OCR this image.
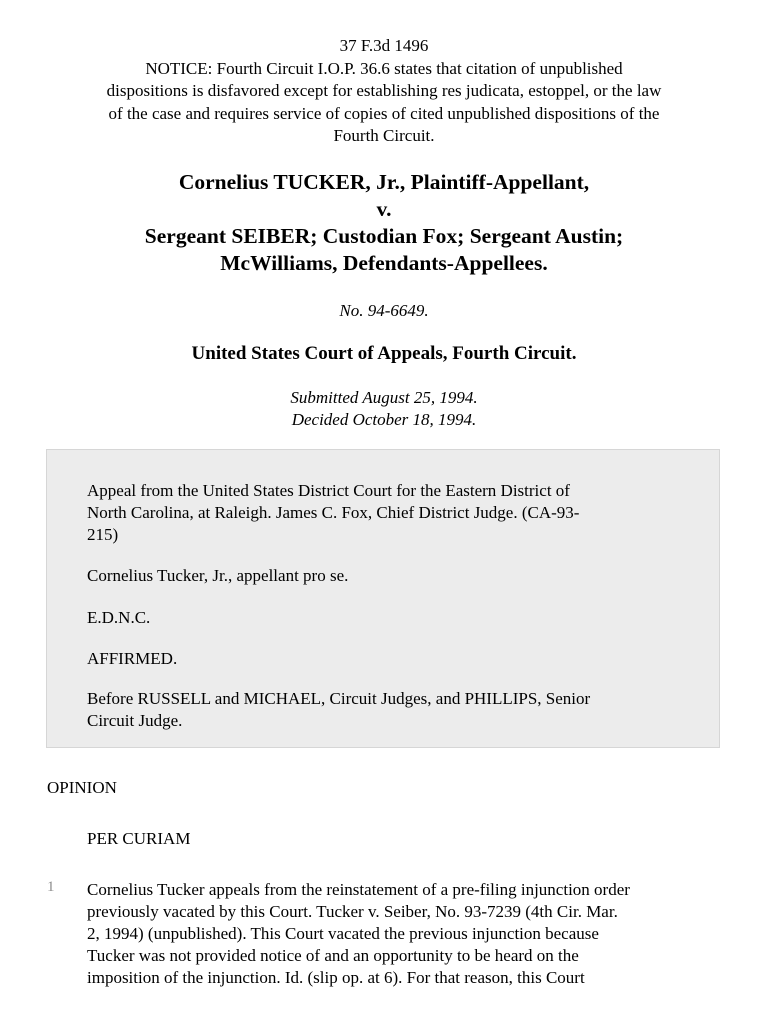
37 F.3d 1496
NOTICE: Fourth Circuit I.O.P. 36.6 states that citation of unpublished
dispositions is disfavored except for establishing res judicata, estoppel, or the law
of the case and requires service of copies of cited unpublished dispositions of the
Fourth Circuit.
Cornelius TUCKER, Jr., Plaintiff-Appellant,
v.
Sergeant SEIBER; Custodian Fox; Sergeant Austin;
McWilliams, Defendants-Appellees.
No. 94-6649.
United States Court of Appeals, Fourth Circuit.
Submitted August 25, 1994.
Decided October 18, 1994.

Appeal from the United States District Court for the Eastern District of
North Carolina, at Raleigh. James C. Fox, Chief District Judge. (CA-93-
215)

Cornelius Tucker, Jr., appellant pro se.

E.D.N.C.

AFFIRMED.

Before RUSSELL and MICHAEL, Circuit Judges, and PHILLIPS, Senior
Circuit Judge.

OPINION
PER CURIAM
1 Cornelius Tucker appeals from the reinstatement of a pre-filing injunction order
previously vacated by this Court. Tucker v. Seiber, No. 93-7239 (4th Cir. Mar.
2, 1994) (unpublished). This Court vacated the previous injunction because
Tucker was not provided notice of and an opportunity to be heard on the
imposition of the injunction. Id. (slip op. at 6). For that reason, this Court
